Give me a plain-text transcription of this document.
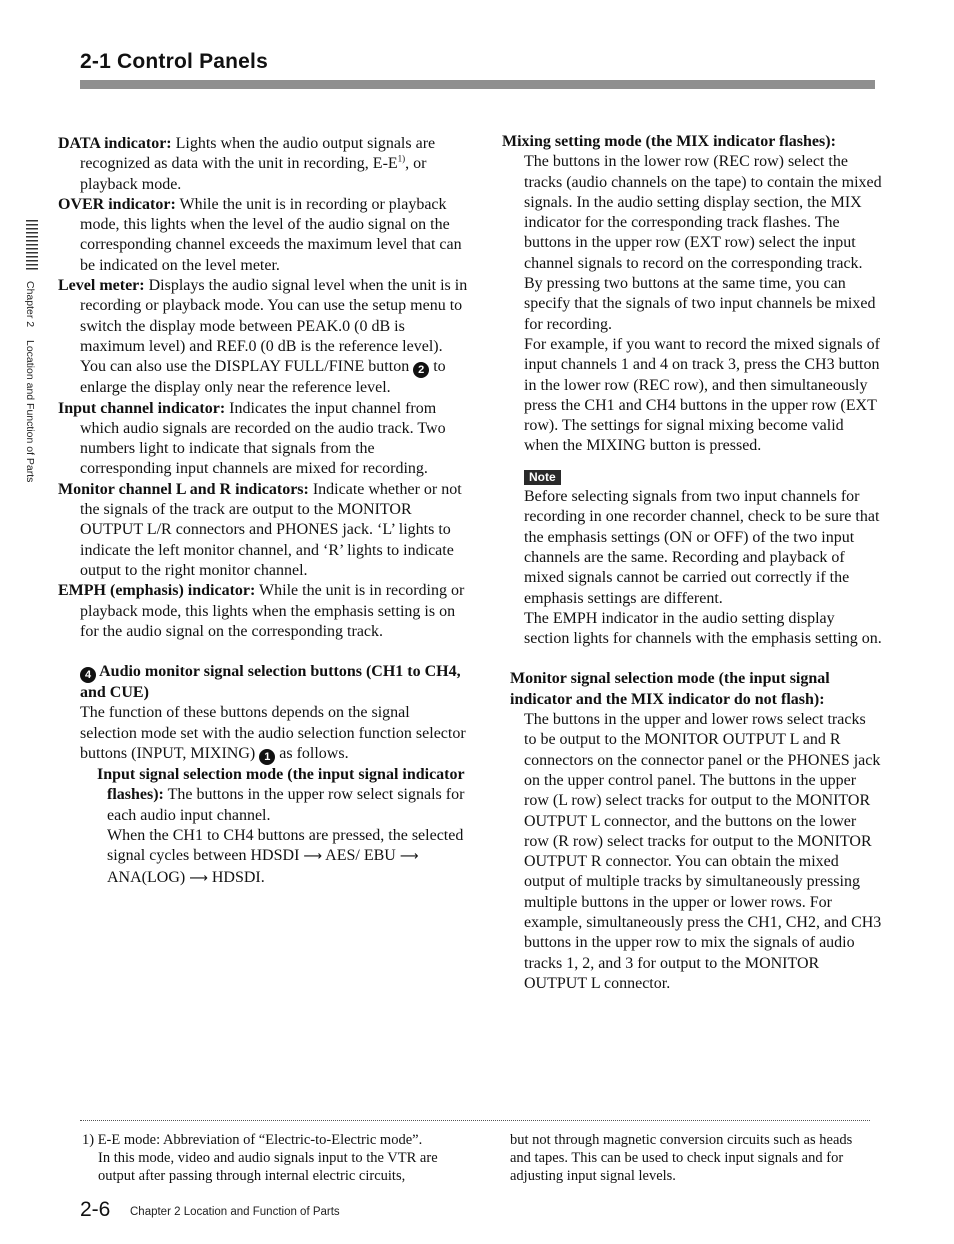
2-1 Control Panels
Chapter 2 Location and Function of Parts

DATA indicator: Lights when the audio output signals are recognized as data with the unit in recording, $E-E^{1)}$, or playback mode.

OVER indicator: While the unit is in recording or playback mode, this lights when the level of the audio signal on the corresponding channel exceeds the maximum level that can be indicated on the level meter.

Level meter: Displays the audio signal level when the unit is in recording or playback mode. You can use the setup menu to switch the display mode between PEAK.0 (0 dB is maximum level) and REF.0 (0 dB is the reference level). You can also use the DISPLAY FULL/FINE button 2 to enlarge the display only near the reference level.

Input channel indicator: Indicates the input channel from which audio signals are recorded on the audio track. Two numbers light to indicate that signals from the corresponding input channels are mixed for recording.

Monitor channel L and R indicators: Indicate whether or not the signals of the track are output to the MONITOR OUTPUT L/R connectors and PHONES jack. ‘L’ lights to indicate the left monitor channel, and ‘R’ lights to indicate output to the right monitor channel.

EMPH (emphasis) indicator: While the unit is in recording or playback mode, this lights when the emphasis setting is on for the audio signal on the corresponding track.

4 Audio monitor signal selection buttons (CH1 to CH4, and CUE)

The function of these buttons depends on the signal selection mode set with the audio selection function selector buttons (INPUT, MIXING) 1 as follows.

Input signal selection mode (the input signal indicator flashes): The buttons in the upper row select signals for each audio input channel.

When the CH1 to CH4 buttons are pressed, the selected signal cycles between HDSDI ⟶ AES/ EBU ⟶ ANA(LOG) ⟶ HDSDI.

Mixing setting mode (the MIX indicator flashes):

The buttons in the lower row (REC row) select the tracks (audio channels on the tape) to contain the mixed signals. In the audio setting display section, the MIX indicator for the corresponding track flashes. The buttons in the upper row (EXT row) select the input channel signals to record on the corresponding track. By pressing two buttons at the same time, you can specify that the signals of two input channels be mixed for recording.

For example, if you want to record the mixed signals of input channels 1 and 4 on track 3, press the CH3 button in the lower row (REC row), and then simultaneously press the CH1 and CH4 buttons in the upper row (EXT row). The settings for signal mixing become valid when the MIXING button is pressed.

Note

Before selecting signals from two input channels for recording in one recorder channel, check to be sure that the emphasis settings (ON or OFF) of the two input channels are the same. Recording and playback of mixed signals cannot be carried out correctly if the emphasis settings are different.

The EMPH indicator in the audio setting display section lights for channels with the emphasis setting on.

Monitor signal selection mode (the input signal indicator and the MIX indicator do not flash):

The buttons in the upper and lower rows select tracks to be output to the MONITOR OUTPUT L and R connectors on the connector panel or the PHONES jack on the upper control panel. The buttons in the upper row (L row) select tracks for output to the MONITOR OUTPUT L connector, and the buttons on the lower row (R row) select tracks for output to the MONITOR OUTPUT R connector. You can obtain the mixed output of multiple tracks by simultaneously pressing multiple buttons in the upper or lower rows. For example, simultaneously press the CH1, CH2, and CH3 buttons in the upper row to mix the signals of audio tracks 1, 2, and 3 for output to the MONITOR OUTPUT L connector.

1) E-E mode: Abbreviation of “Electric-to-Electric mode”.
In this mode, video and audio signals input to the VTR are output after passing through internal electric circuits,
but not through magnetic conversion circuits such as heads and tapes. This can be used to check input signals and for adjusting input signal levels.
2-6 Chapter 2 Location and Function of Parts
